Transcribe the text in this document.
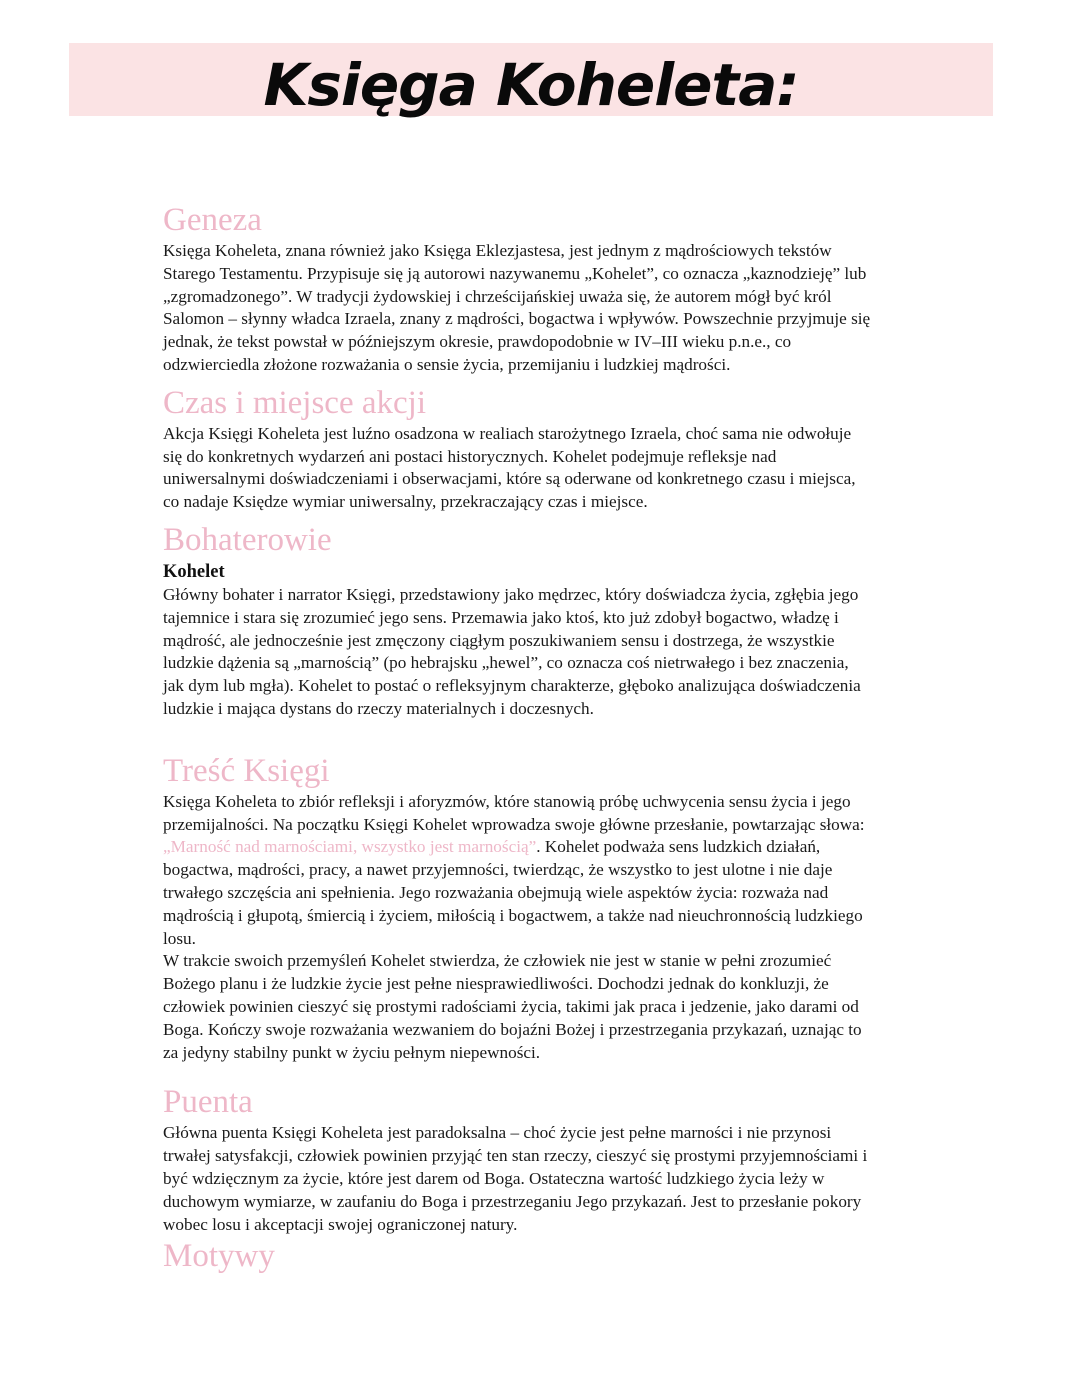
Księga Koheleta:
Geneza

Księga Koheleta, znana również jako Księga Eklezjastesa, jest jednym z mądrościowych tekstów

Starego Testamentu. Przypisuje się ją autorowi nazywanemu „Kohelet”, co oznacza „kaznodzieję” lub

„zgromadzonego”. W tradycji żydowskiej i chrześcijańskiej uważa się, że autorem mógł być król

Salomon – słynny władca Izraela, znany z mądrości, bogactwa i wpływów. Powszechnie przyjmuje się

jednak, że tekst powstał w późniejszym okresie, prawdopodobnie w IV–III wieku p.n.e., co

odzwierciedla złożone rozważania o sensie życia, przemijaniu i ludzkiej mądrości.

Czas i miejsce akcji

Akcja Księgi Koheleta jest luźno osadzona w realiach starożytnego Izraela, choć sama nie odwołuje

się do konkretnych wydarzeń ani postaci historycznych. Kohelet podejmuje refleksje nad

uniwersalnymi doświadczeniami i obserwacjami, które są oderwane od konkretnego czasu i miejsca,

co nadaje Księdze wymiar uniwersalny, przekraczający czas i miejsce.

Bohaterowie

Kohelet

Główny bohater i narrator Księgi, przedstawiony jako mędrzec, który doświadcza życia, zgłębia jego

tajemnice i stara się zrozumieć jego sens. Przemawia jako ktoś, kto już zdobył bogactwo, władzę i

mądrość, ale jednocześnie jest zmęczony ciągłym poszukiwaniem sensu i dostrzega, że wszystkie

ludzkie dążenia są „marnością” (po hebrajsku „hewel”, co oznacza coś nietrwałego i bez znaczenia,

jak dym lub mgła). Kohelet to postać o refleksyjnym charakterze, głęboko analizująca doświadczenia

ludzkie i mająca dystans do rzeczy materialnych i doczesnych.

Treść Księgi

Księga Koheleta to zbiór refleksji i aforyzmów, które stanowią próbę uchwycenia sensu życia i jego

przemijalności. Na początku Księgi Kohelet wprowadza swoje główne przesłanie, powtarzając słowa:

„Marność nad marnościami, wszystko jest marnością”. Kohelet podważa sens ludzkich działań,

bogactwa, mądrości, pracy, a nawet przyjemności, twierdząc, że wszystko to jest ulotne i nie daje

trwałego szczęścia ani spełnienia. Jego rozważania obejmują wiele aspektów życia: rozważa nad

mądrością i głupotą, śmiercią i życiem, miłością i bogactwem, a także nad nieuchronnością ludzkiego

losu.

W trakcie swoich przemyśleń Kohelet stwierdza, że człowiek nie jest w stanie w pełni zrozumieć

Bożego planu i że ludzkie życie jest pełne niesprawiedliwości. Dochodzi jednak do konkluzji, że

człowiek powinien cieszyć się prostymi radościami życia, takimi jak praca i jedzenie, jako darami od

Boga. Kończy swoje rozważania wezwaniem do bojaźni Bożej i przestrzegania przykazań, uznając to

za jedyny stabilny punkt w życiu pełnym niepewności.

Puenta

Główna puenta Księgi Koheleta jest paradoksalna – choć życie jest pełne marności i nie przynosi

trwałej satysfakcji, człowiek powinien przyjąć ten stan rzeczy, cieszyć się prostymi przyjemnościami i

być wdzięcznym za życie, które jest darem od Boga. Ostateczna wartość ludzkiego życia leży w

duchowym wymiarze, w zaufaniu do Boga i przestrzeganiu Jego przykazań. Jest to przesłanie pokory

wobec losu i akceptacji swojej ograniczonej natury.

Motywy
